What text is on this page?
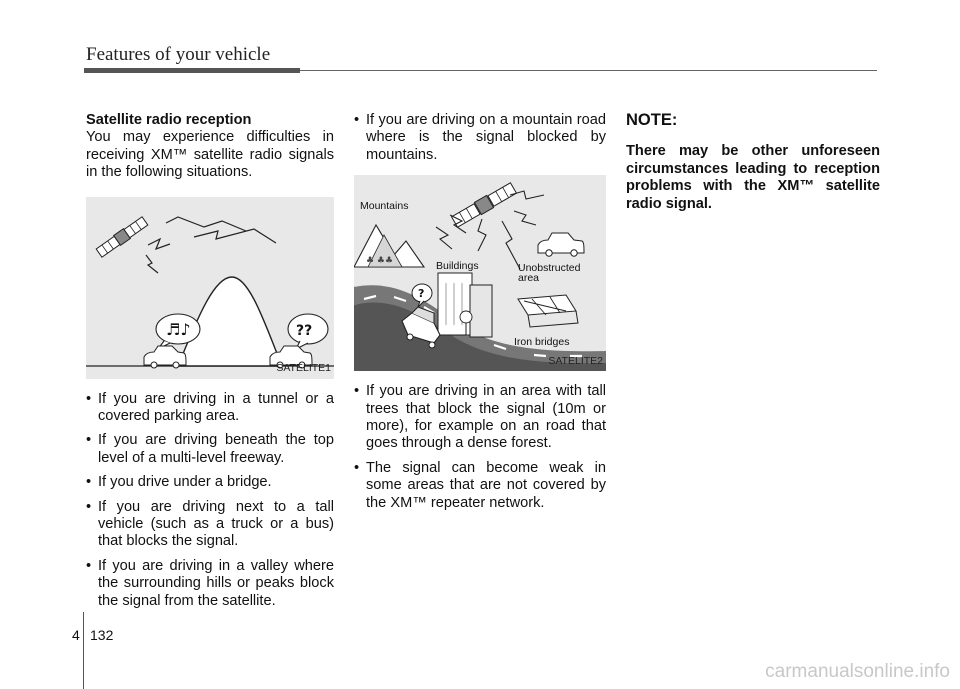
Features of your vehicle
Satellite radio reception

You may experience difficulties in receiving XM™ satellite radio signals in the following situations.

♬♪	??
SATELITE1
• If you are driving in a tunnel or a covered parking area.
• If you are driving beneath the top level of a multi-level freeway.
• If you drive under a bridge.
• If you are driving next to a tall vehicle (such as a truck or a bus) that blocks the signal.
• If you are driving in a valley where the surrounding hills or peaks block the signal from the satellite.
• If you are driving on a mountain road where is the signal blocked by mountains.
♣ ♣♣
Mountains
Unobstructed
area
Buildings
Iron bridges
?
SATELITE2
• If you are driving in an area with tall trees that block the signal (10m or more), for example on an road that goes through a dense forest.
• The signal can become weak in some areas that are not covered by the XM™ repeater network.
NOTE:

There may be other unforeseen circumstances leading to reception problems with the XM™ satellite radio signal.

4 132
carmanualsonline.info
